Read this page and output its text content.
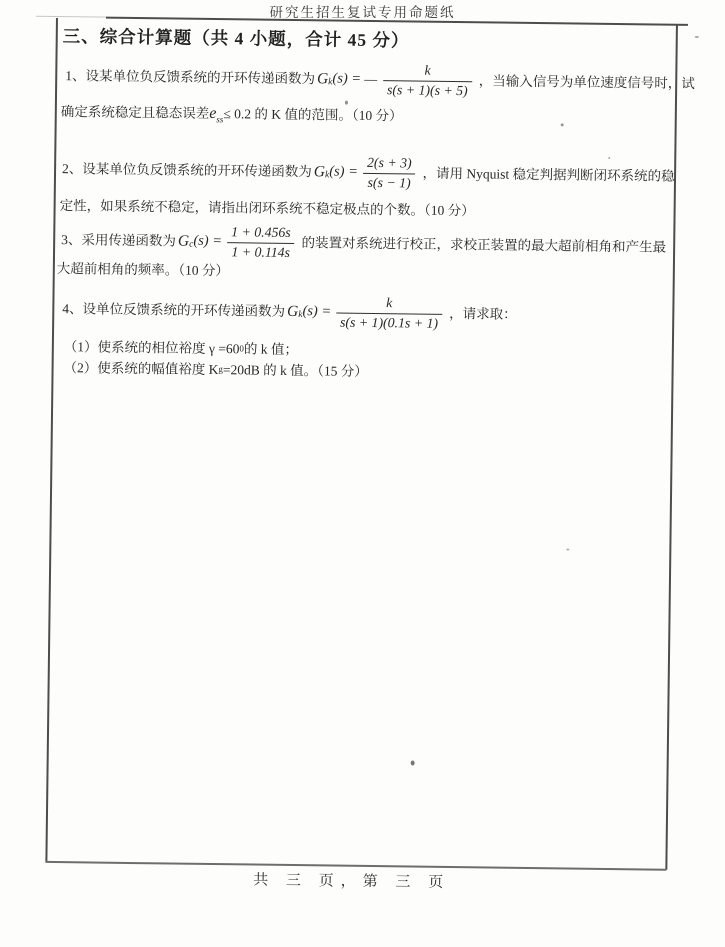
研究生招生复试专用命题纸
三、综合计算题（共 4 小题，合计 45 分）
1、 设某单位负反馈系统的开环传递函数为 $G_k$ $(s) = \frac{k}{s(s + 1)(s + 5)}$ ，当输入信号为单位速度信号时，试
确定系统稳定且稳态误差 $e_{ss} \le 0.2$ 的 K 值的范围。（10 分）
2、 设某单位负反馈系统的开环传递函数为 $G_k$ $(s) = \frac{2(s + 3)}{s(s - 1)}$ ，请用 Nyquist 稳定判据判断闭环系统的稳
定性，如果系统不稳定，请指出闭环系统不稳定极点的个数。（10 分）
3、 采用传递函数为 $G_c$ $(s) = \frac{1 + 0.456s}{1 + 0.114s}$ 的装置对系统进行校正，求校正装置的最大超前相角和产生最
大超前相角的频率。（10 分）
4、 设单位反馈系统的开环传递函数为 $G_k$ $(s) = \frac{k}{s(s + 1)(0.1s + 1)}$ ，请求取：
（1）使系统的相位裕度 γ =60 0 的 k 值；
（2）使系统的幅值裕度 K g =20dB 的 k 值。（15 分）
共 三 页，第 三 页
